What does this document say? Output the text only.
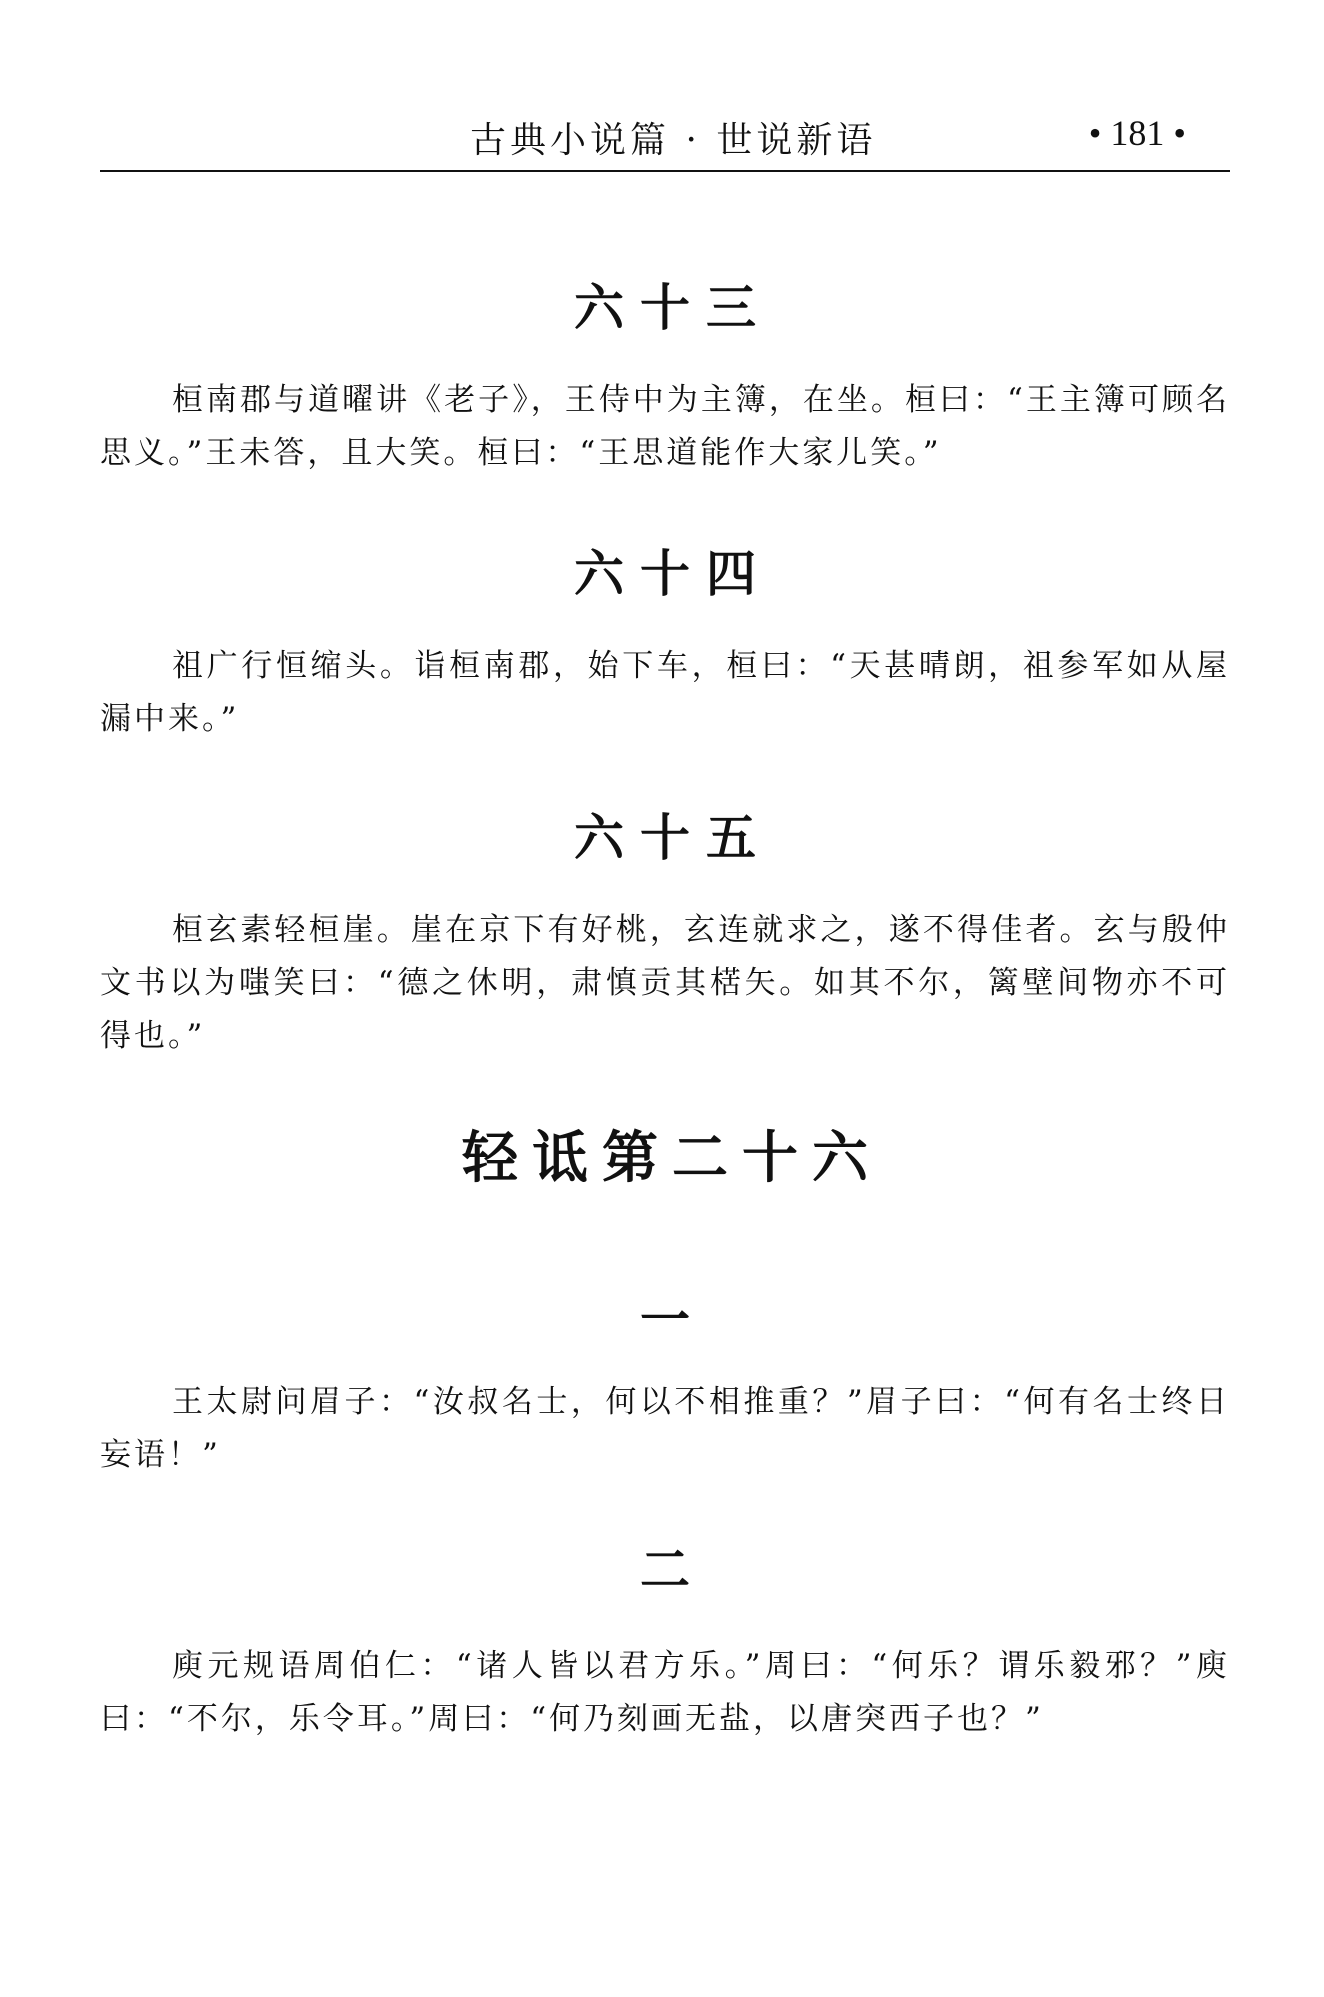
古典小说篇 · 世说新语	• 181 •
六十三

桓南郡与道曜讲《老子》，王侍中为主簿，在坐。桓曰：“王主簿可顾名思义。”王未答，且大笑。桓曰：“王思道能作大家儿笑。”

六十四

祖广行恒缩头。诣桓南郡，始下车，桓曰：“天甚晴朗，祖参军如从屋漏中来。”

六十五

桓玄素轻桓崖。崖在京下有好桃，玄连就求之，遂不得佳者。玄与殷仲文书以为嗤笑曰：“德之休明，肃慎贡其楛矢。如其不尔，篱壁间物亦不可得也。”

轻诋第二十六
一

王太尉问眉子：“汝叔名士，何以不相推重？”眉子曰：“何有名士终日妄语！”

二

庾元规语周伯仁：“诸人皆以君方乐。”周曰：“何乐？谓乐毅邪？”庾曰：“不尔，乐令耳。”周曰：“何乃刻画无盐，以唐突西子也？”
